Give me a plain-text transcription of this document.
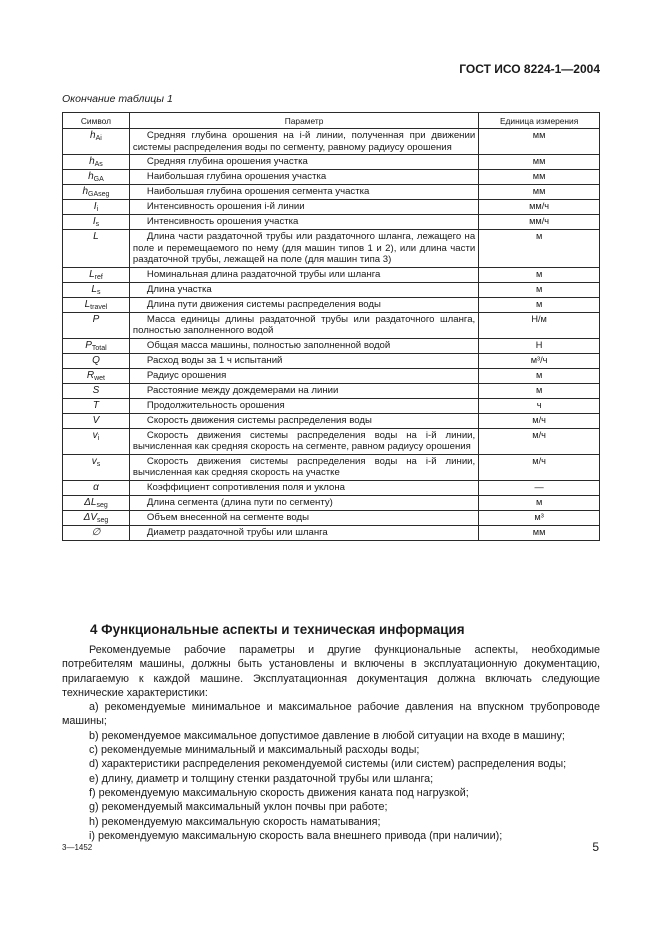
ГОСТ ИСО 8224-1—2004
Окончание таблицы 1
Символ	Параметр	Единица измерения
$h_{Ai}$	Средняя глубина орошения на i-й линии, полученная при движении системы распределения воды по сегменту, равному радиусу орошения	мм
$h_{As}$	Средняя глубина орошения участка	мм
$h_{GA}$	Наибольшая глубина орошения участка	мм
$h_{GAseg}$	Наибольшая глубина орошения сегмента участка	мм
$I_i$	Интенсивность орошения i-й линии	мм/ч
$I_s$	Интенсивность орошения участка	мм/ч
L	Длина части раздаточной трубы или раздаточного шланга, лежащего на поле и перемещаемого по нему (для машин типов 1 и 2), или длина части раздаточной трубы, лежащей на поле (для машин типа 3)	м
$L_{ref}$	Номинальная длина раздаточной трубы или шланга	м
$L_s$	Длина участка	м
$L_{travel}$	Длина пути движения системы распределения воды	м
P	Масса единицы длины раздаточной трубы или раздаточного шланга, полностью заполненного водой	Н/м
$P_{Total}$	Общая масса машины, полностью заполненной водой	Н
Q	Расход воды за 1 ч испытаний	м³/ч
$R_{wet}$	Радиус орошения	м
S	Расстояние между дождемерами на линии	м
T	Продолжительность орошения	ч
V	Скорость движения системы распределения воды	м/ч
$v_i$	Скорость движения системы распределения воды на i-й линии, вычисленная как средняя скорость на сегменте, равном радиусу орошения	м/ч
$v_s$	Скорость движения системы распределения воды на i-й линии, вычисленная как средняя скорость на участке	м/ч
α	Коэффициент сопротивления поля и уклона	—
$\Delta L_{seg}$	Длина сегмента (длина пути по сегменту)	м
$\Delta V_{seg}$	Объем внесенной на сегменте воды	м³
∅	Диаметр раздаточной трубы или шланга	мм
4 Функциональные аспекты и техническая информация

Рекомендуемые рабочие параметры и другие функциональные аспекты, необходимые потребителям машины, должны быть установлены и включены в эксплуатационную документацию, прилагаемую к каждой машине. Эксплуатационная документация должна включать следующие технические характеристики:

a) рекомендуемые минимальное и максимальное рабочие давления на впускном трубопроводе машины;

b) рекомендуемое максимальное допустимое давление в любой ситуации на входе в машину;

c) рекомендуемые минимальный и максимальный расходы воды;

d) характеристики распределения рекомендуемой системы (или систем) распределения воды;

e) длину, диаметр и толщину стенки раздаточной трубы или шланга;

f) рекомендуемую максимальную скорость движения каната под нагрузкой;

g) рекомендуемый максимальный уклон почвы при работе;

h) рекомендуемую максимальную скорость наматывания;

i) рекомендуемую максимальную скорость вала внешнего привода (при наличии);

3—1452	5
